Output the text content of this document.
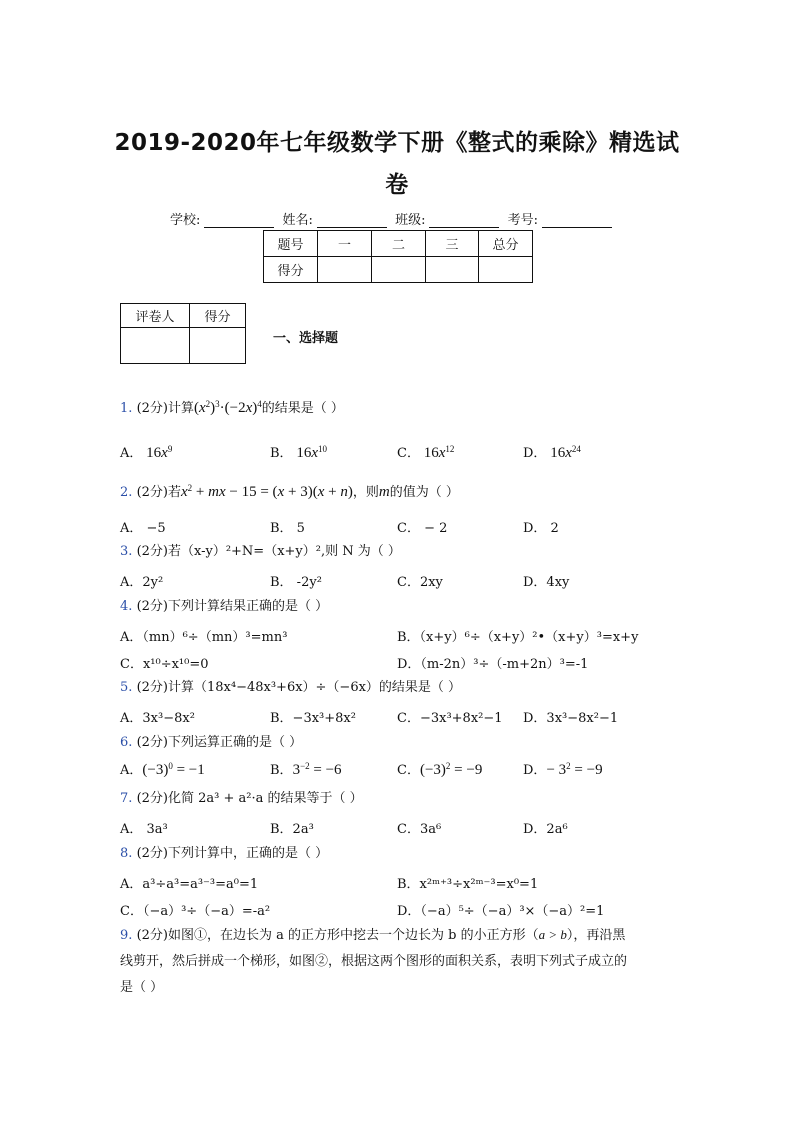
2019-2020年七年级数学下册《整式的乘除》精选试
卷
学校:	姓名:	班级:	考号:
题号	一	二	三	总分
得分				
评卷人	得分

一、选择题
1. (2分)计算$(x^2)^3\cdot(-2x)^4$的结果是（ ）
A． $16x^9$	B． $16x^{10}$	C． $16x^{12}$	D． $16x^{24}$
2. (2分)若$x^2$ + mx − 15 = (x + 3)(x + n)，则m的值为（ ）
A． −5	B． 5	C． − 2	D． 2
3. (2分)若（x-y）²+N=（x+y）²,则 N 为（ ）
A．2y²	B． -2y²	C．2xy	D．4xy
4. (2分)下列计算结果正确的是（ ）
A．（mn）⁶÷（mn）³=mn³	B．（x+y）⁶÷（x+y）²•（x+y）³=x+y
C．x¹⁰÷x¹⁰=0	D．（m-2n）³÷（-m+2n）³=-1
5. (2分)计算（18x⁴−48x³+6x）÷（−6x）的结果是（ ）
A．3x³−8x²	B．−3x³+8x²	C．−3x³+8x²−1 D．3x³−8x²−1
6. (2分)下列运算正确的是（ ）
A．$(-3)^0 = -1$	B．$3^{-2} = -6$	C．$(-3)^2 = -9$	D．− $3^2 = -9$
7. (2分)化简 2a³ + a²·a 的结果等于（ ）
A． 3a³	B．2a³	C．3a⁶	D．2a⁶
8. (2分)下列计算中，正确的是（ ）
A．a³÷a³=a³⁻³=a⁰=1	B．x²ᵐ⁺³÷x²ᵐ⁻³=x⁰=1
C．（−a）³÷（−a）=-a²	D．（−a）⁵÷（−a）³×（−a）²=1
9. (2分)如图①，在边长为 a 的正方形中挖去一个边长为 b 的小正方形（a > b），再沿黑
线剪开，然后拼成一个梯形，如图②，根据这两个图形的面积关系，表明下列式子成立的
是（ ）
